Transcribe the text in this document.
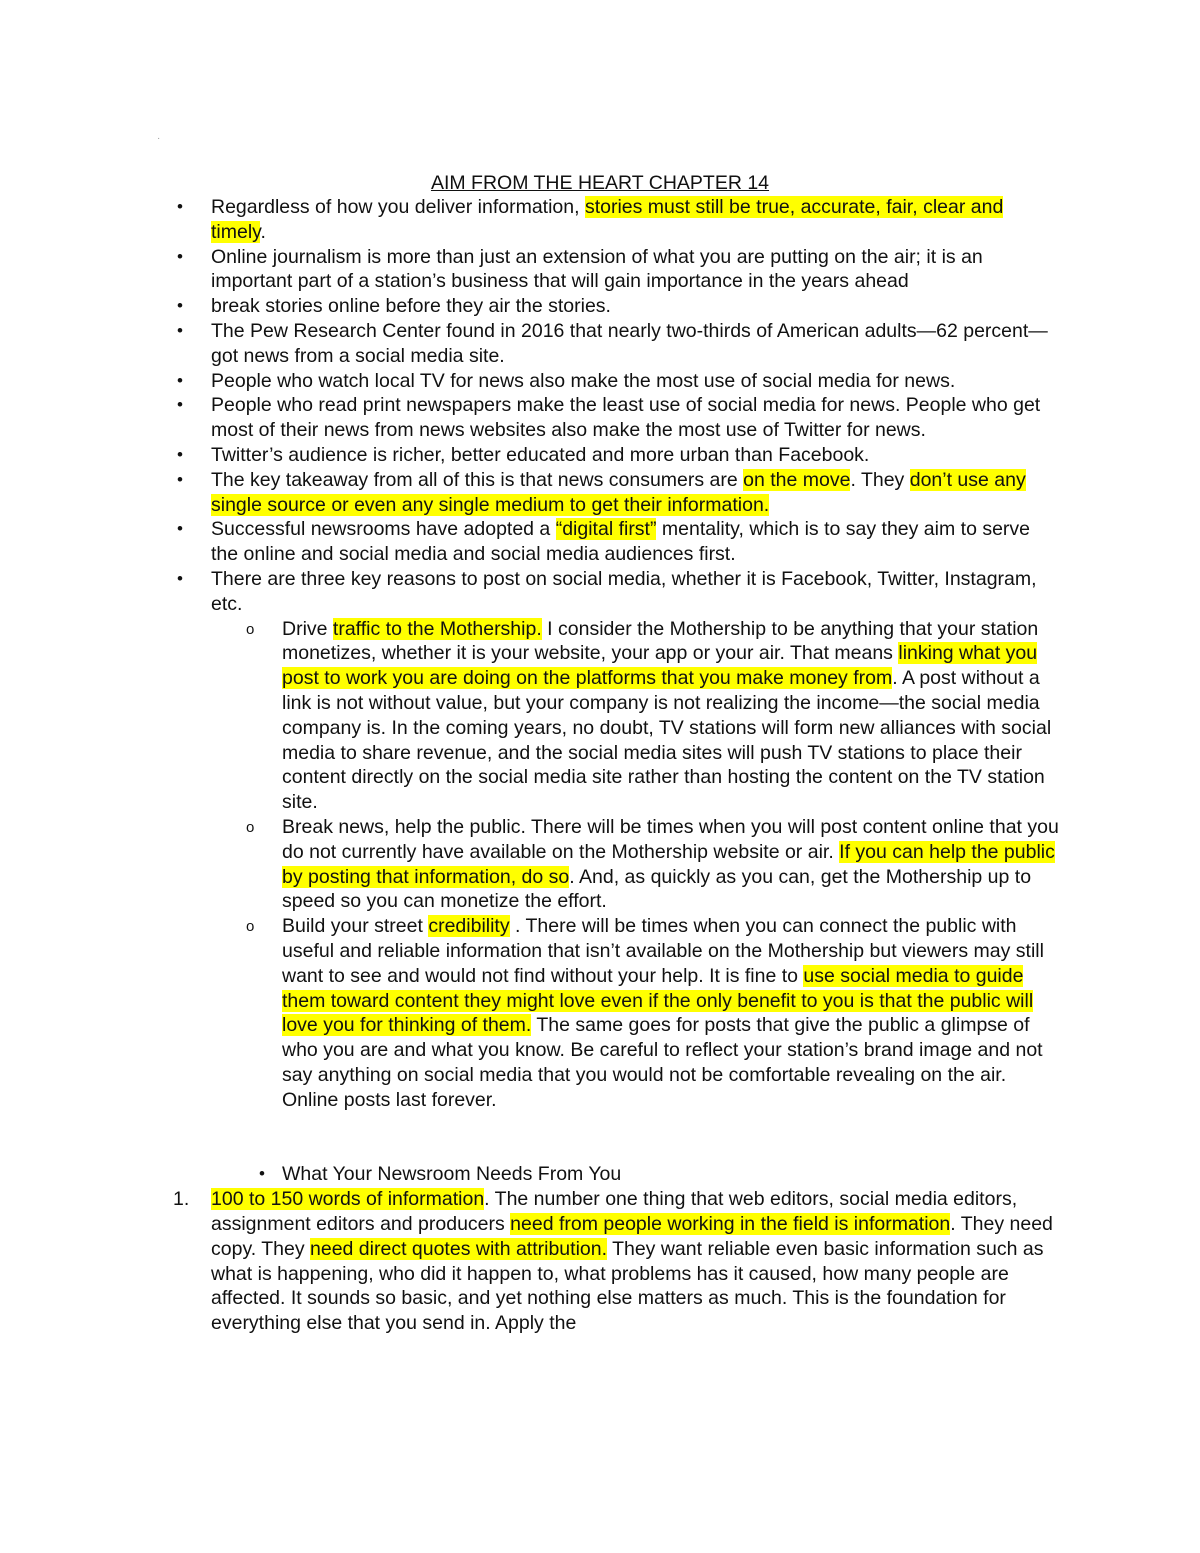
·
AIM FROM THE HEART CHAPTER 14
• Regardless of how you deliver information, stories must still be true, accurate, fair, clear and timely.
• Online journalism is more than just an extension of what you are putting on the air; it is an important part of a station’s business that will gain importance in the years ahead
• break stories online before they air the stories.
• The Pew Research Center found in 2016 that nearly two-thirds of American adults—62 percent—got news from a social media site.
• People who watch local TV for news also make the most use of social media for news.
• People who read print newspapers make the least use of social media for news. People who get most of their news from news websites also make the most use of Twitter for news.
• Twitter’s audience is richer, better educated and more urban than Facebook.
• The key takeaway from all of this is that news consumers are on the move. They don’t use any single source or even any single medium to get their information.
• Successful newsrooms have adopted a “digital first” mentality, which is to say they aim to serve the online and social media and social media audiences first.
• There are three key reasons to post on social media, whether it is Facebook, Twitter, Instagram, etc.
o Drive traffic to the Mothership. I consider the Mothership to be anything that your station monetizes, whether it is your website, your app or your air. That means linking what you post to work you are doing on the platforms that you make money from. A post without a link is not without value, but your company is not realizing the income—the social media company is. In the coming years, no doubt, TV stations will form new alliances with social media to share revenue, and the social media sites will push TV stations to place their content directly on the social media site rather than hosting the content on the TV station site.
o Break news, help the public. There will be times when you will post content online that you do not currently have available on the Mothership website or air. If you can help the public by posting that information, do so. And, as quickly as you can, get the Mothership up to speed so you can monetize the effort.
o Build your street credibility . There will be times when you can connect the public with useful and reliable information that isn’t available on the Mothership but viewers may still want to see and would not find without your help. It is fine to use social media to guide them toward content they might love even if the only benefit to you is that the public will love you for thinking of them. The same goes for posts that give the public a glimpse of who you are and what you know. Be careful to reflect your station’s brand image and not say anything on social media that you would not be comfortable revealing on the air. Online posts last forever.
• What Your Newsroom Needs From You
1. 100 to 150 words of information. The number one thing that web editors, social media editors, assignment editors and producers need from people working in the field is information. They need copy. They need direct quotes with attribution. They want reliable even basic information such as what is happening, who did it happen to, what problems has it caused, how many people are affected. It sounds so basic, and yet nothing else matters as much. This is the foundation for everything else that you send in. Apply the
